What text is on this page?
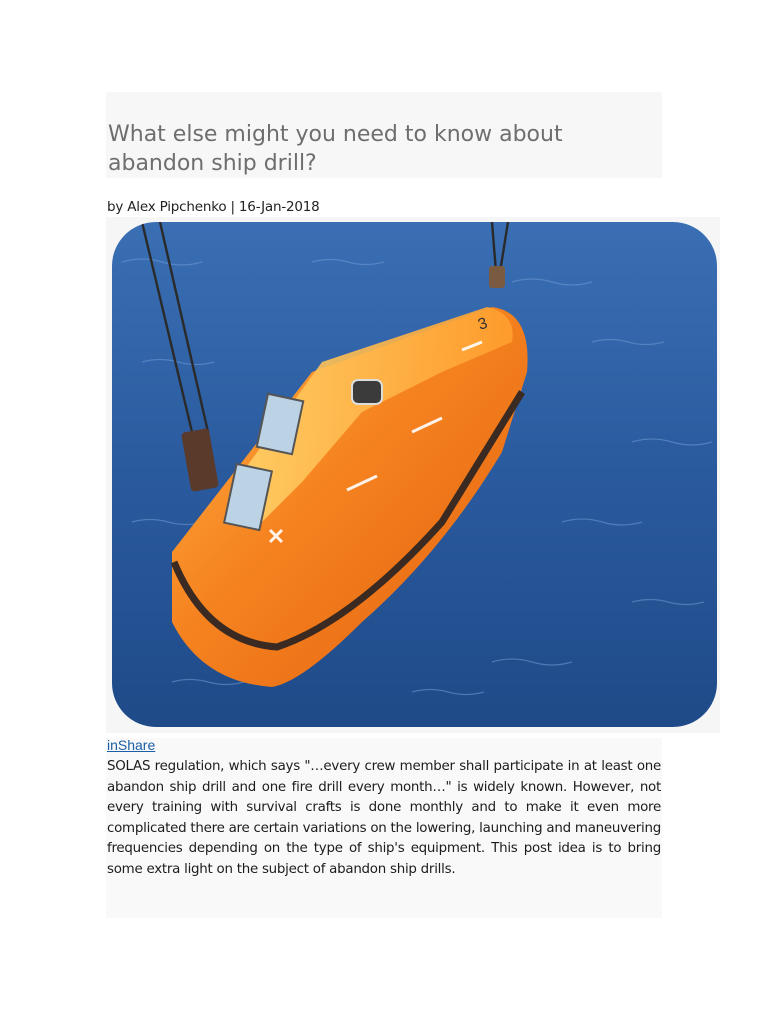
What else might you need to know about abandon ship drill?
by Alex Pipchenko | 16-Jan-2018
3
inShare

SOLAS regulation, which says "…every crew member shall participate in at least one abandon ship drill and one fire drill every month…" is widely known. However, not every training with survival crafts is done monthly and to make it even more complicated there are certain variations on the lowering, launching and maneuvering frequencies depending on the type of ship's equipment. This post idea is to bring some extra light on the subject of abandon ship drills.
